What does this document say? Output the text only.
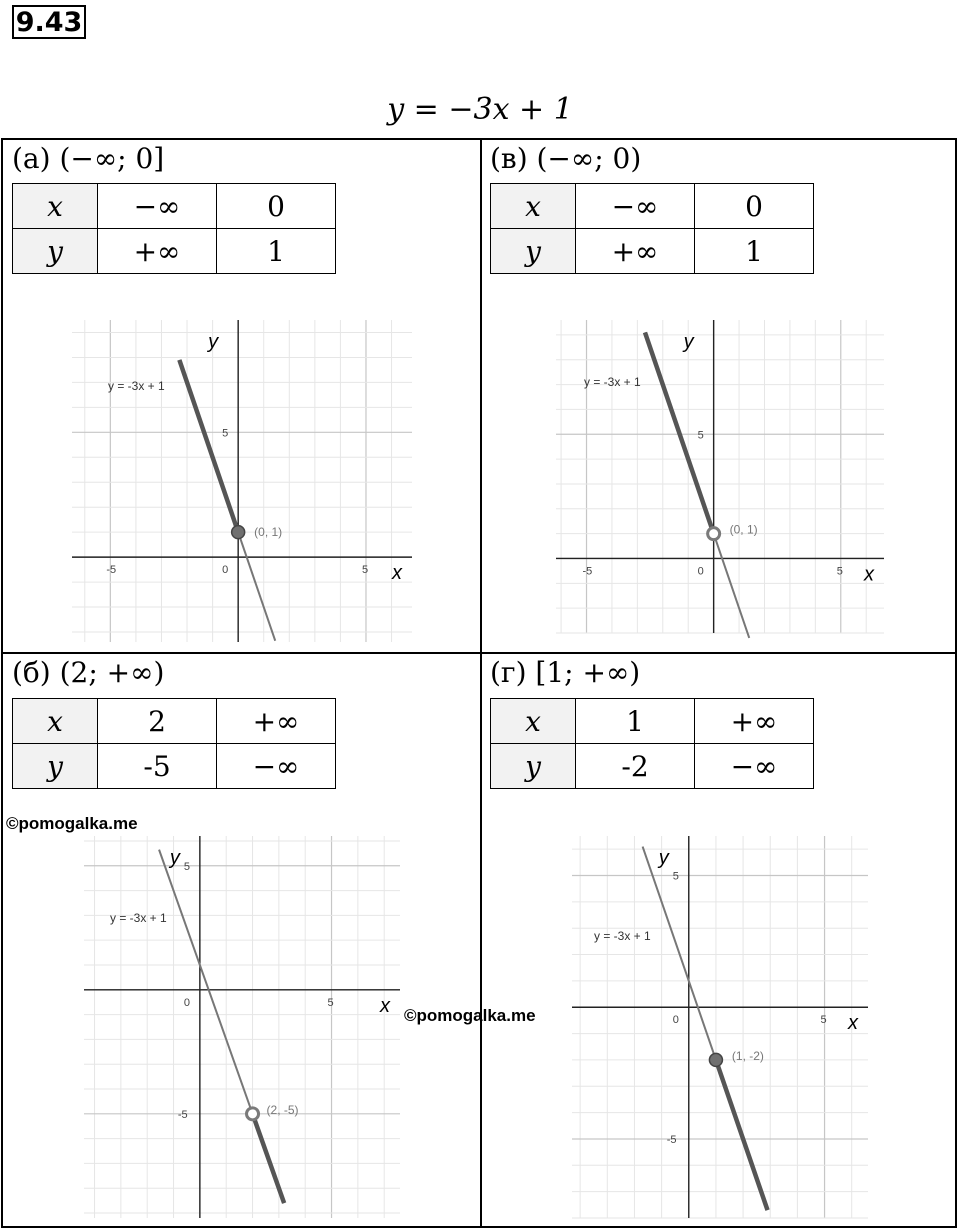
9.43
y = −3x + 1
(а) (−∞; 0]
x	−∞	0
y	+∞	1
-5	0	5
5
x
y
y = -3x + 1
(0, 1)
(в) (−∞; 0)
x	−∞	0
y	+∞	1
-5	0	5
5
x
y
y = -3x + 1
(0, 1)
(б) (2; +∞)
x	2	+∞
y	-5	−∞
0	5
5
-5
x
y
y = -3x + 1
(2, -5)
(г) [1; +∞)
x	1	+∞
y	-2	−∞
0	5
5
-5
x
y
y = -3x + 1
(1, -2)
©pomogalka.me
©pomogalka.me
